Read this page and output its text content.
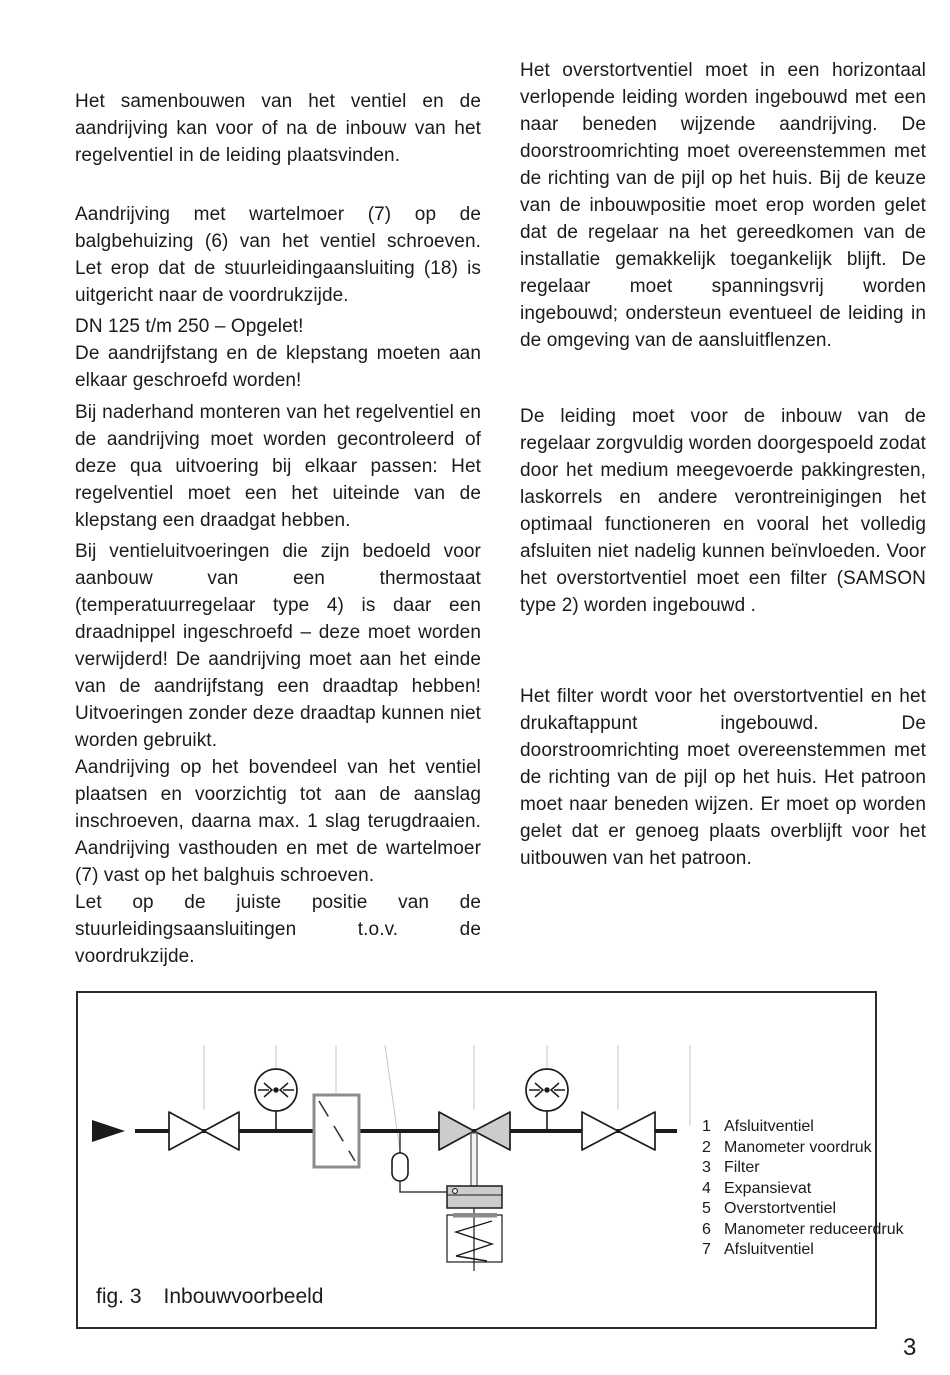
Het samenbouwen van het ventiel en de aandrijving kan voor of na de inbouw van het regelventiel in de leiding plaatsvinden.
Aandrijving met wartelmoer (7) op de balgbehuizing (6) van het ventiel schroeven. Let erop dat de stuurleidingaansluiting (18) is uitgericht naar de voordrukzijde.
DN 125 t/m 250 – Opgelet!
De aandrijfstang en de klepstang moeten aan elkaar geschroefd worden!
Bij naderhand monteren van het regelventiel en de aandrijving moet worden gecontroleerd of deze qua uitvoering bij elkaar passen: Het regelventiel moet een het uiteinde van de klepstang een draadgat hebben.
Bij ventieluitvoeringen die zijn bedoeld voor aanbouw van een thermostaat (temperatuurregelaar type 4) is daar een draadnippel ingeschroefd – deze moet worden verwijderd! De aandrijving moet aan het einde van de aandrijfstang een draadtap hebben! Uitvoeringen zonder deze draadtap kunnen niet worden gebruikt.
Aandrijving op het bovendeel van het ventiel plaatsen en voorzichtig tot aan de aanslag inschroeven, daarna max. 1 slag terugdraaien. Aandrijving vasthouden en met de wartelmoer (7) vast op het balghuis schroeven.
Let op de juiste positie van de stuurleidingsaansluitingen t.o.v. de voordrukzijde.
Het overstortventiel moet in een horizontaal verlopende leiding worden ingebouwd met een naar beneden wijzende aandrijving. De doorstroomrichting moet overeenstemmen met de richting van de pijl op het huis. Bij de keuze van de inbouwpositie moet erop worden gelet dat de regelaar na het gereedkomen van de installatie gemakkelijk toegankelijk blijft. De regelaar moet spanningsvrij worden ingebouwd; ondersteun eventueel de leiding in de omgeving van de aansluitflenzen.
De leiding moet voor de inbouw van de regelaar zorgvuldig worden doorgespoeld zodat door het medium meegevoerde pakkingresten, laskorrels en andere verontreinigingen het optimaal functioneren en vooral het volledig afsluiten niet nadelig kunnen beïnvloeden. Voor het overstortventiel moet een filter (SAMSON type 2) worden ingebouwd .
Het filter wordt voor het overstortventiel en het drukaftappunt ingebouwd. De doorstroomrichting moet overeenstemmen met de richting van de pijl op het huis. Het patroon moet naar beneden wijzen. Er moet op worden gelet dat er genoeg plaats overblijft voor het uitbouwen van het patroon.
1 Afsluitventiel
2 Manometer voordruk
3 Filter
4 Expansievat
5 Overstortventiel
6 Manometer reduceerdruk
7 Afsluitventiel
fig. 3 Inbouwvoorbeeld
3
